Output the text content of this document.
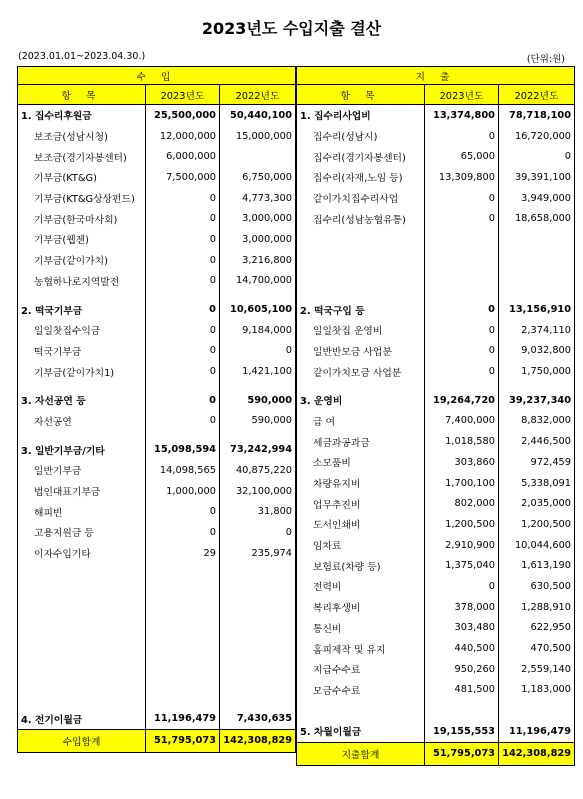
2023년도 수입지출 결산
(2023.01.01~2023.04.30.)	(단위:원)
수 입		
항 목	2023년도	2022년도
1. 집수리후원금	25,500,000	50,440,100
보조금(성남시청)	12,000,000	15,000,000
보조금(경기자봉센터)	6,000,000	
기부금(KT&G)	7,500,000	6,750,000
기부금(KT&G상상펀드)	0	4,773,300
기부금(한국마사회)	0	3,000,000
기부금(웹젠)	0	3,000,000
기부금(같이가치)	0	3,216,800
농협하나로지역발전	0	14,700,000

2. 떡국기부금	0	10,605,100
일일찻집수익금	0	9,184,000
떡국기부금	0	0
기부금(같이가치1)	0	1,421,100

3. 자선공연 등	0	590,000
자선공연	0	590,000

3. 일반기부금/기타	15,098,594	73,242,994
일반기부금	14,098,565	40,875,220
법인대표기부금	1,000,000	32,100,000
해피빈	0	31,800
고용지원금 등	0	0
이자수입기타	29	235,974

4. 전기이월금	11,196,479	7,430,635
수입합계	51,795,073	142,308,829
지 출		
항 목	2023년도	2022년도
1. 집수리사업비	13,374,800	78,718,100
집수리(성남시)	0	16,720,000
집수리(경기자봉센터)	65,000	0
집수리(자재,노임 등)	13,309,800	39,391,100
같이가치집수리사업	0	3,949,000
집수리(성남농협유통)	0	18,658,000

2. 떡국구입 등	0	13,156,910
일일찻집 운영비	0	2,374,110
일반반모금 사업분	0	9,032,800
같이가치모금 사업분	0	1,750,000

3. 운영비	19,264,720	39,237,340
급 여	7,400,000	8,832,000
세금과공과금	1,018,580	2,446,500
소모품비	303,860	972,459
차량유지비	1,700,100	5,338,091
업무추진비	802,000	2,035,000
도서인쇄비	1,200,500	1,200,500
임차료	2,910,900	10,044,600
보험료(차량 등)	1,375,040	1,613,190
전력비	0	630,500
복리후생비	378,000	1,288,910
통신비	303,480	622,950
홈피제작 및 유지	440,500	470,500
지급수수료	950,260	2,559,140
모금수수료	481,500	1,183,000

5. 차월이월금	19,155,553	11,196,479
지출합계	51,795,073	142,308,829
